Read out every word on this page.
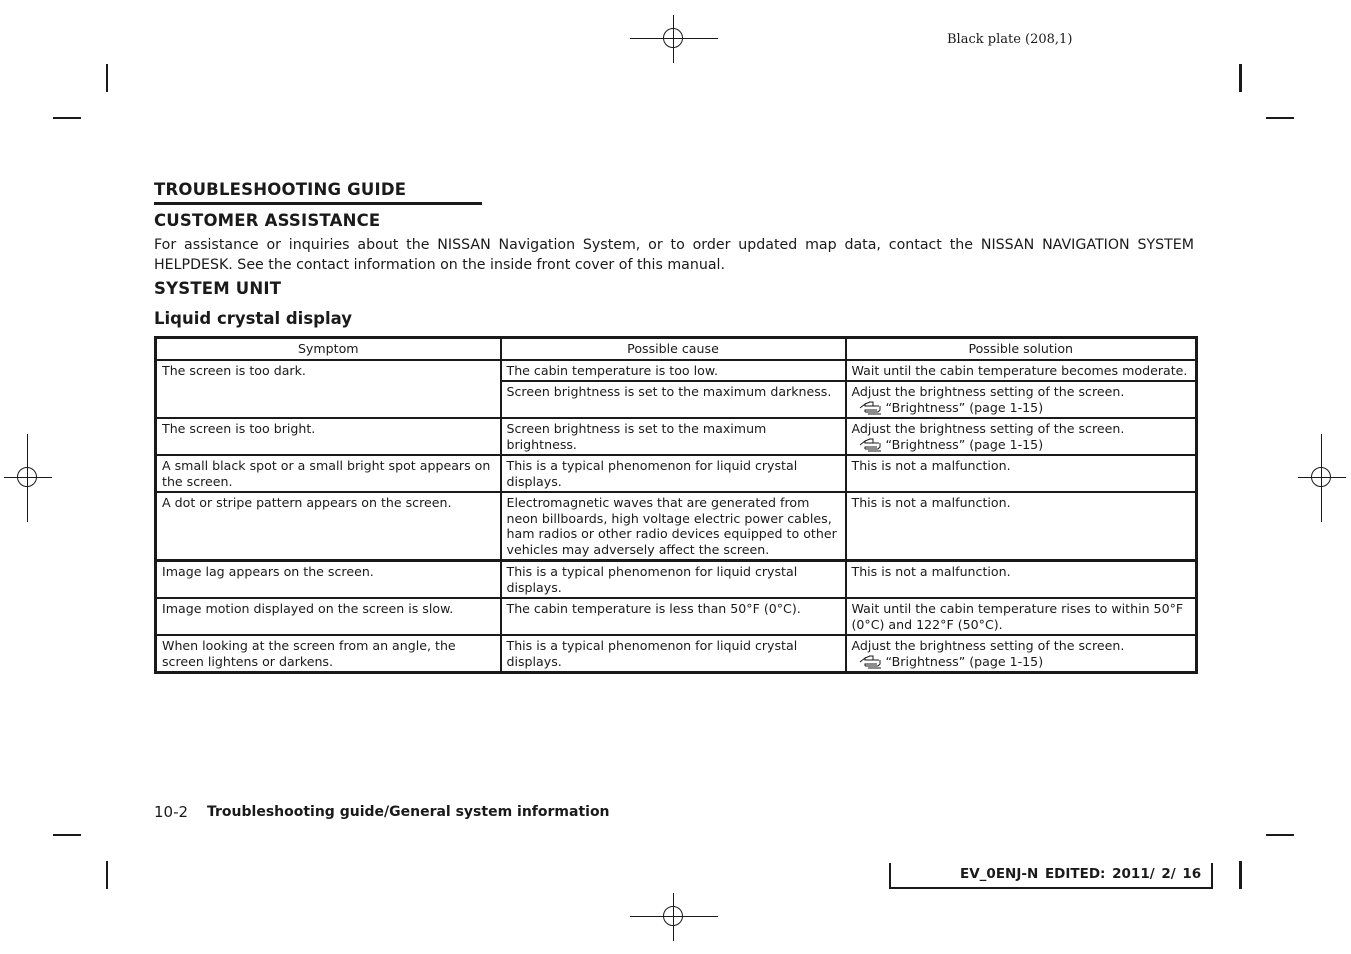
Black plate (208,1)
TROUBLESHOOTING GUIDE
CUSTOMER ASSISTANCE
For assistance or inquiries about the NISSAN Navigation System, or to order updated map data, contact the NISSAN NAVIGATION SYSTEM HELPDESK. See the contact information on the inside front cover of this manual.
SYSTEM UNIT
Liquid crystal display
Symptom	Possible cause	Possible solution
The screen is too dark.	The cabin temperature is too low.	Wait until the cabin temperature becomes moderate.
	Screen brightness is set to the maximum darkness.	Adjust the brightness setting of the screen.
“Brightness” (page 1-15)

The screen is too bright.	Screen brightness is set to the maximum brightness.	Adjust the brightness setting of the screen.
“Brightness” (page 1-15)

A small black spot or a small bright spot appears on the screen.	This is a typical phenomenon for liquid crystal displays.	This is not a malfunction.
A dot or stripe pattern appears on the screen.	Electromagnetic waves that are generated from neon billboards, high voltage electric power cables, ham radios or other radio devices equipped to other vehicles may adversely affect the screen.	This is not a malfunction.
Image lag appears on the screen.	This is a typical phenomenon for liquid crystal displays.	This is not a malfunction.
Image motion displayed on the screen is slow.	The cabin temperature is less than 50°F (0°C).	Wait until the cabin temperature rises to within 50°F (0°C) and 122°F (50°C).
When looking at the screen from an angle, the screen lightens or darkens.	This is a typical phenomenon for liquid crystal displays.	Adjust the brightness setting of the screen.
“Brightness” (page 1-15)
10-2 Troubleshooting guide/General system information
EV_0ENJ-N EDITED: 2011/ 2/ 16
